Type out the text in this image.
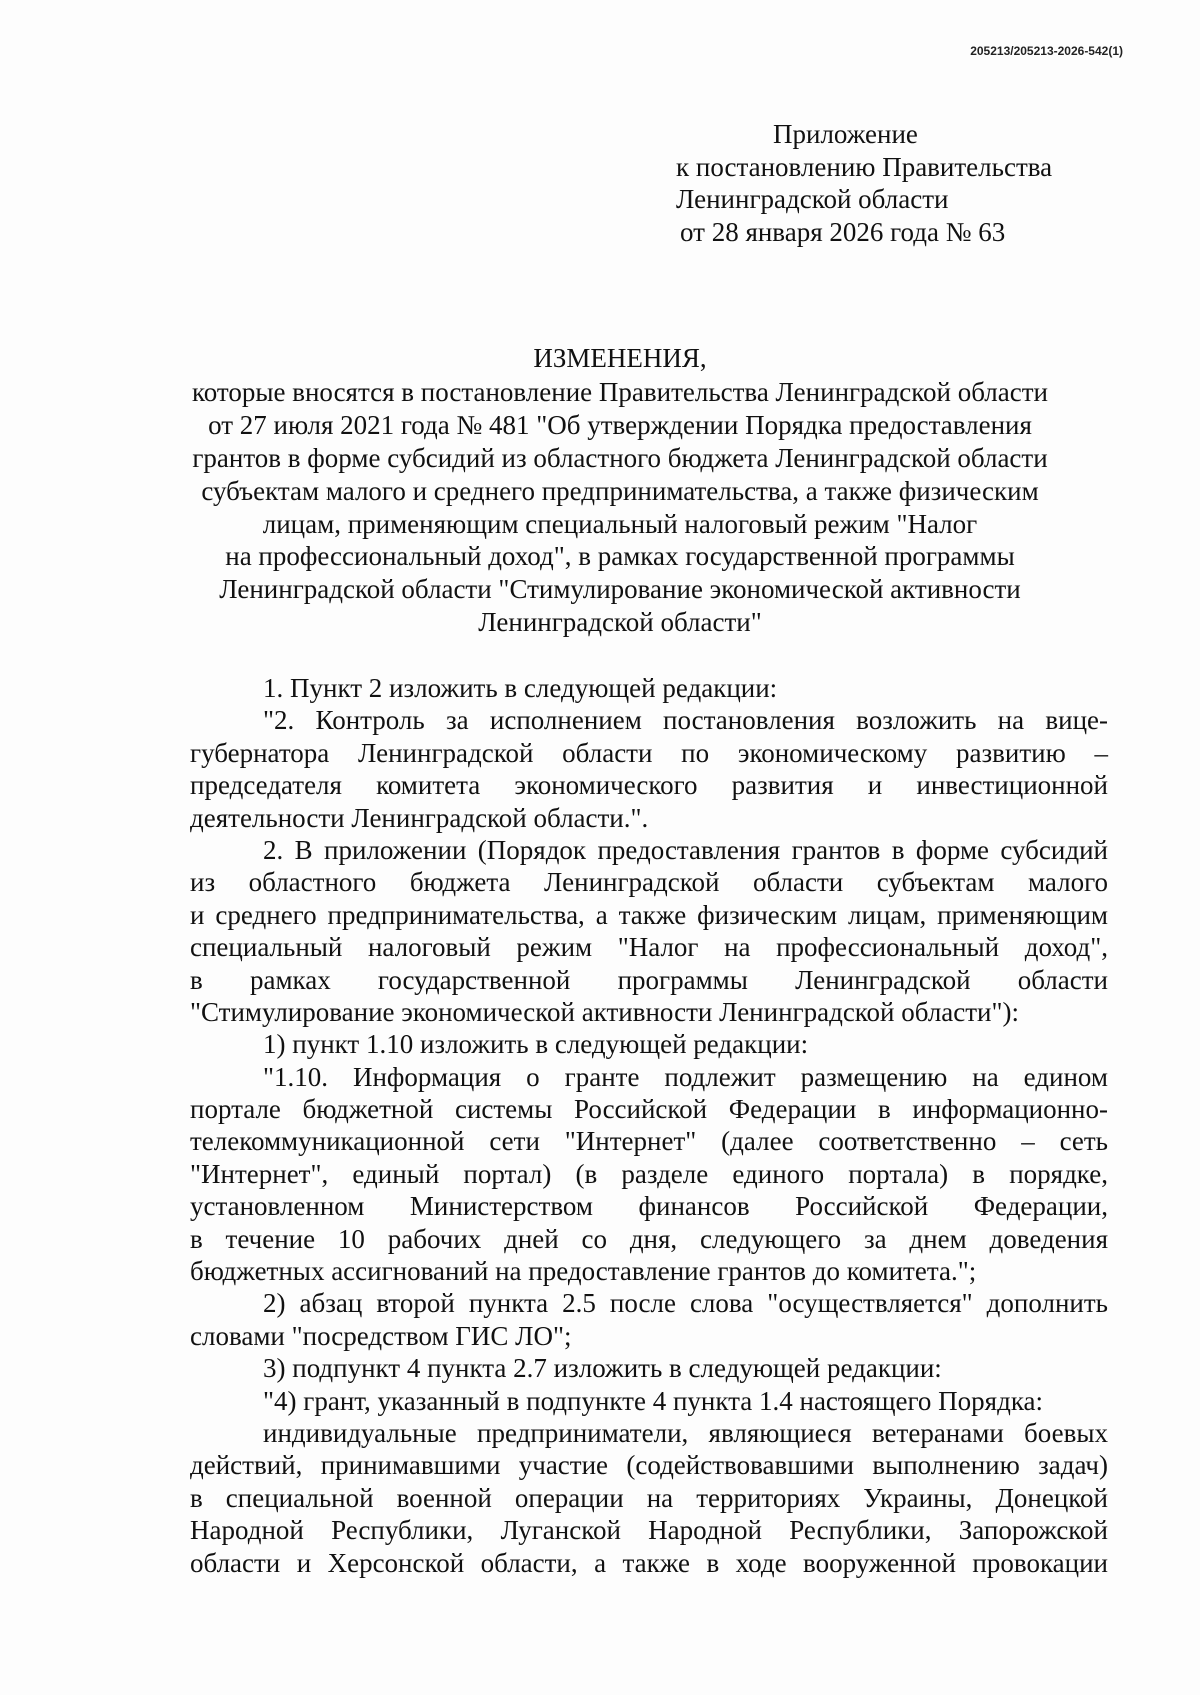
205213/205213-2026-542(1)
Приложение
к постановлению Правительства
Ленинградской области
от 28 января 2026 года № 63
ИЗМЕНЕНИЯ,
которые вносятся в постановление Правительства Ленинградской области
от 27 июля 2021 года № 481 "Об утверждении Порядка предоставления
грантов в форме субсидий из областного бюджета Ленинградской области
субъектам малого и среднего предпринимательства, а также физическим
лицам, применяющим специальный налоговый режим "Налог
на профессиональный доход", в рамках государственной программы
Ленинградской области "Стимулирование экономической активности
Ленинградской области"
1. Пункт 2 изложить в следующей редакции:
"2. Контроль за исполнением постановления возложить на вице-
губернатора Ленинградской области по экономическому развитию –
председателя комитета экономического развития и инвестиционной
деятельности Ленинградской области.".
2. В приложении (Порядок предоставления грантов в форме субсидий
из областного бюджета Ленинградской области субъектам малого
и среднего предпринимательства, а также физическим лицам, применяющим
специальный налоговый режим "Налог на профессиональный доход",
в рамках государственной программы Ленинградской области
"Стимулирование экономической активности Ленинградской области"):
1) пункт 1.10 изложить в следующей редакции:
"1.10. Информация о гранте подлежит размещению на едином
портале бюджетной системы Российской Федерации в информационно-
телекоммуникационной сети "Интернет" (далее соответственно – сеть
"Интернет", единый портал) (в разделе единого портала) в порядке,
установленном Министерством финансов Российской Федерации,
в течение 10 рабочих дней со дня, следующего за днем доведения
бюджетных ассигнований на предоставление грантов до комитета.";
2) абзац второй пункта 2.5 после слова "осуществляется" дополнить
словами "посредством ГИС ЛО";
3) подпункт 4 пункта 2.7 изложить в следующей редакции:
"4) грант, указанный в подпункте 4 пункта 1.4 настоящего Порядка:
индивидуальные предприниматели, являющиеся ветеранами боевых
действий, принимавшими участие (содействовавшими выполнению задач)
в специальной военной операции на территориях Украины, Донецкой
Народной Республики, Луганской Народной Республики, Запорожской
области и Херсонской области, а также в ходе вооруженной провокации
